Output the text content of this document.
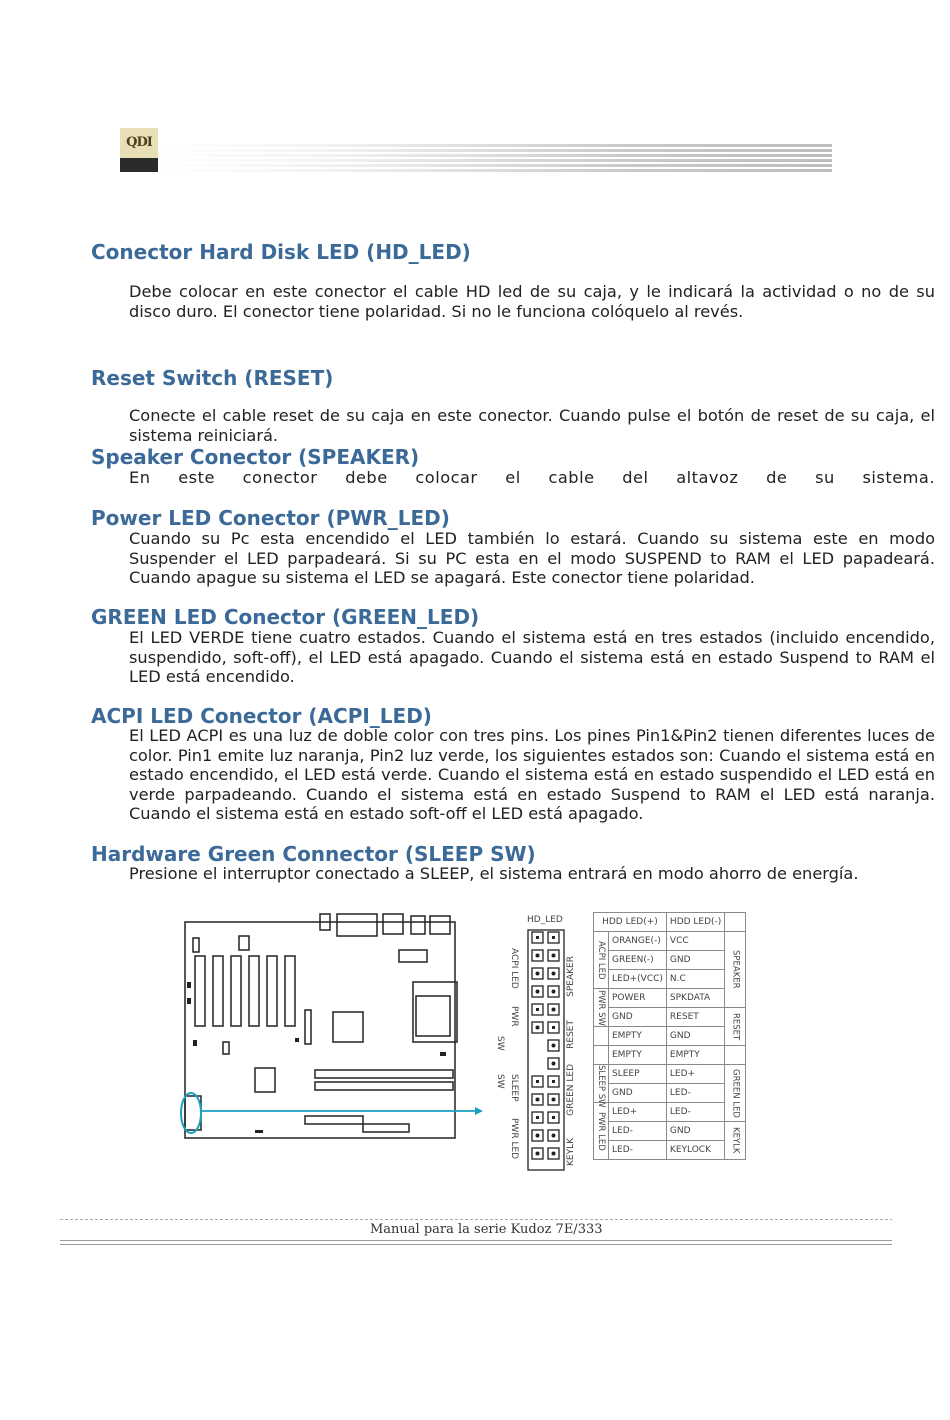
QDI
Conector Hard Disk LED (HD_LED)

Debe colocar en este conector el cable HD led de su caja, y le indicará la actividad o no de su disco duro. El conector tiene polaridad. Si no le funciona colóquelo al revés.

Reset Switch (RESET)

Conecte el cable reset de su caja en este conector. Cuando pulse el botón de reset de su caja, el sistema reiniciará.

Speaker Conector (SPEAKER)

En este conector debe colocar el cable del altavoz de su sistema.

Power LED Conector (PWR_LED)

Cuando su Pc esta encendido el LED también lo estará. Cuando su sistema este en modo Suspender el LED parpadeará. Si su PC esta en el modo SUSPEND to RAM el LED papadeará. Cuando apague su sistema el LED se apagará. Este conector tiene polaridad.

GREEN LED Conector (GREEN_LED)

El LED VERDE tiene cuatro estados. Cuando el sistema está en tres estados (incluido encendido, suspendido, soft-off), el LED está apagado. Cuando el sistema está en estado Suspend to RAM el LED está encendido.

ACPI LED Conector (ACPI_LED)

El LED ACPI es una luz de doble color con tres pins. Los pines Pin1&Pin2 tienen diferentes luces de color. Pin1 emite luz naranja, Pin2 luz verde, los siguientes estados son: Cuando el sistema está en estado encendido, el LED está verde. Cuando el sistema está en estado suspendido el LED está en verde parpadeando. Cuando el sistema está en estado Suspend to RAM el LED está naranja. Cuando el sistema está en estado soft-off el LED está apagado.

Hardware Green Connector (SLEEP SW)

Presione el interruptor conectado a SLEEP, el sistema entrará en modo ahorro de energía.

HD_LED
ACPI LED
PWR
SW
SW SLEEP
PWR LED
SPEAKER
RESET
GREEN LED
KEYLK
HDD LED(+)		HDD LED(-)	
ACPI LED	ORANGE(-)	VCC	SPEAKER
	GREEN(-)	GND	
	LED+(VCC)	N.C	
PWR SW	POWER	SPKDATA	
	GND	RESET	RESET
	EMPTY	GND	
	EMPTY	EMPTY	
SLEEP SW	SLEEP	LED+	GREEN LED
	GND	LED-	
PWR LED	LED+	LED-	
	LED-	GND	KEYLK
	LED-	KEYLOCK	
Manual para la serie Kudoz 7E/333
